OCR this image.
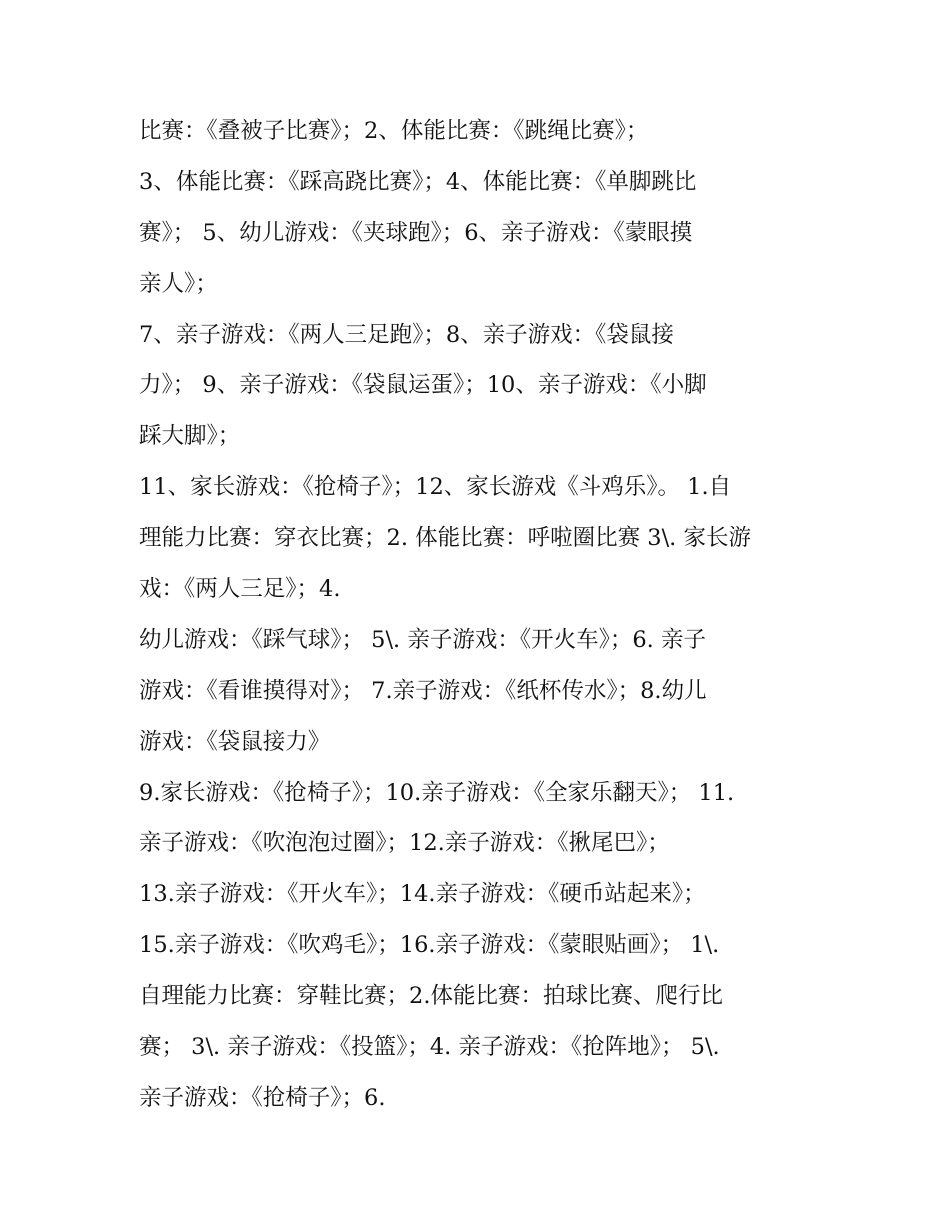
比赛：《叠被子比赛》；2、体能比赛：《跳绳比赛》；
3、体能比赛：《踩高跷比赛》；4、体能比赛：《单脚跳比
赛》； 5、幼儿游戏：《夹球跑》；6、亲子游戏：《蒙眼摸
亲人》；
7、亲子游戏：《两人三足跑》；8、亲子游戏：《袋鼠接
力》； 9、亲子游戏：《袋鼠运蛋》；10、亲子游戏：《小脚
踩大脚》；
11、家长游戏：《抢椅子》；12、家长游戏《斗鸡乐》。 1.自
理能力比赛：穿衣比赛；2. 体能比赛：呼啦圈比赛 3\. 家长游
戏：《两人三足》；4.
幼儿游戏：《踩气球》； 5\. 亲子游戏：《开火车》；6. 亲子
游戏：《看谁摸得对》； 7.亲子游戏：《纸杯传水》；8.幼儿
游戏：《袋鼠接力》
9.家长游戏：《抢椅子》；10.亲子游戏：《全家乐翻天》； 11.
亲子游戏：《吹泡泡过圈》；12.亲子游戏：《揪尾巴》；
13.亲子游戏：《开火车》；14.亲子游戏：《硬币站起来》；
15.亲子游戏：《吹鸡毛》；16.亲子游戏：《蒙眼贴画》； 1\.
自理能力比赛：穿鞋比赛；2.体能比赛：拍球比赛、爬行比
赛； 3\. 亲子游戏：《投篮》；4. 亲子游戏：《抢阵地》； 5\.
亲子游戏：《抢椅子》；6.
